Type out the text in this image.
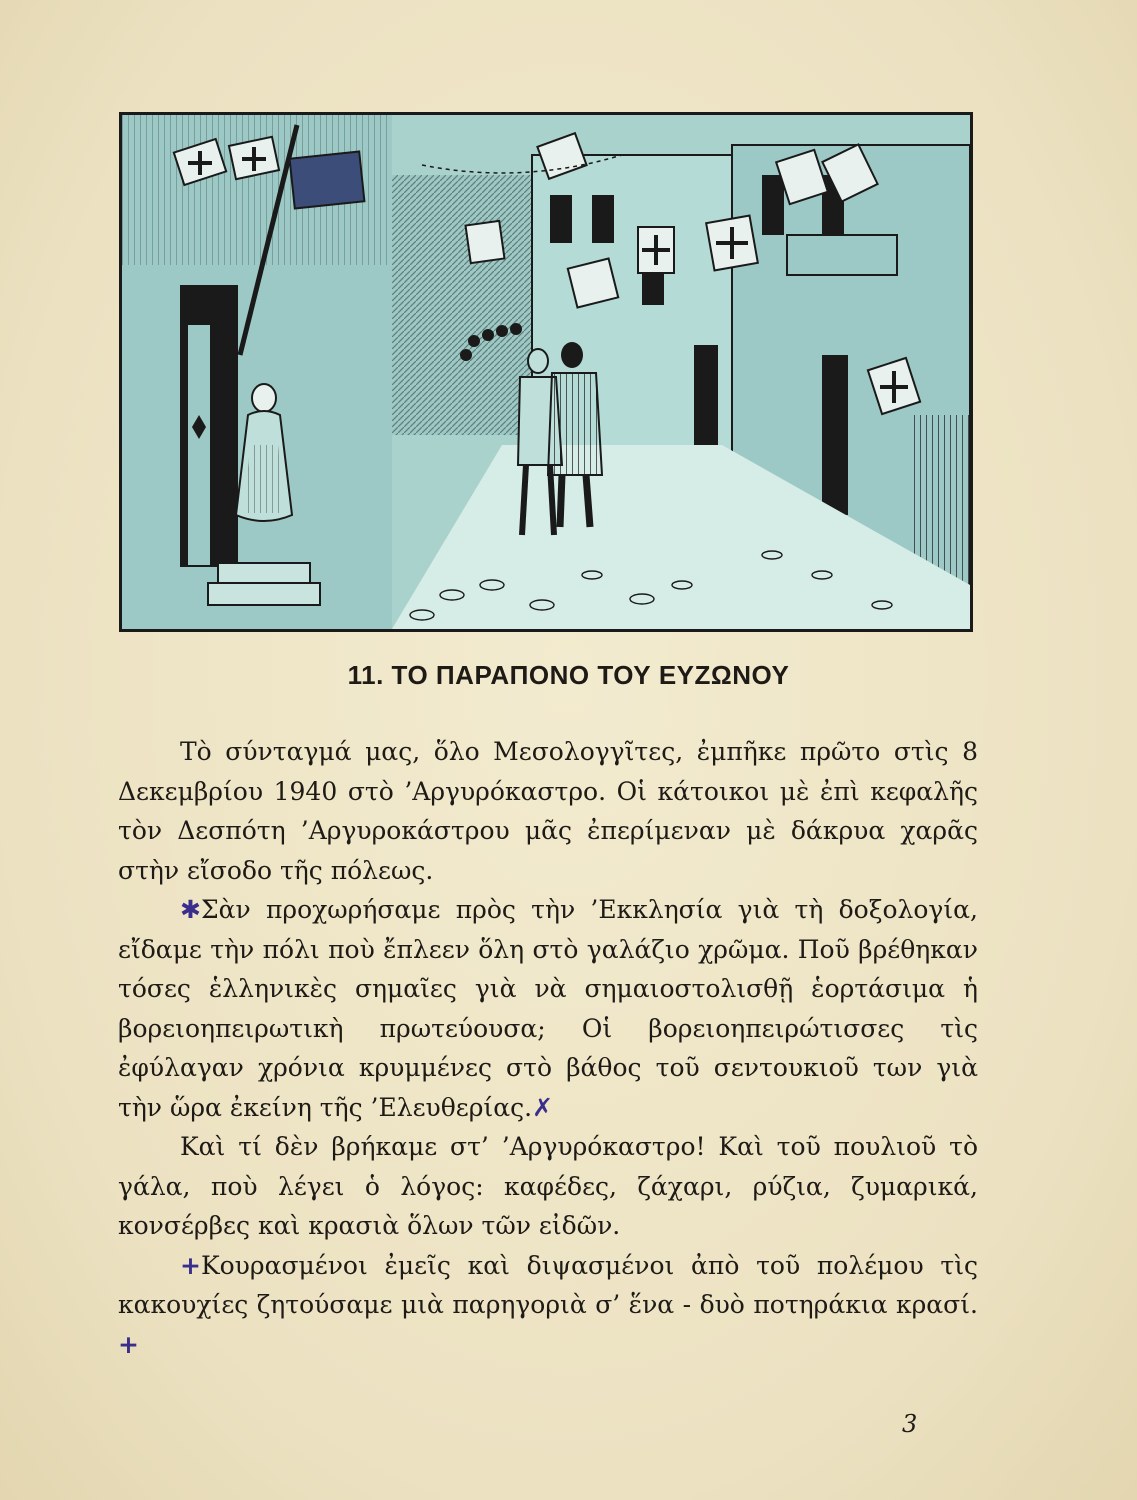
11. ΤΟ ΠΑΡΑΠΟΝΟ ΤΟΥ ΕΥΖΩΝΟΥ

Τὸ σύνταγμά μας, ὅλο Μεσολογγῖτες, ἐμπῆκε πρῶτο στὶς 8 Δεκεμβρίου 1940 στὸ ’Αργυρόκαστρο. Οἱ κάτοικοι μὲ ἐπὶ κεφαλῆς τὸν Δεσπότη ’Αργυροκάστρου μᾶς ἐπερίμεναν μὲ δάκρυα χαρᾶς στὴν εἴσοδο τῆς πόλεως.

✱Σὰν προχωρήσαμε πρὸς τὴν ’Εκκλησία γιὰ τὴ δοξολογία, εἴδαμε τὴν πόλι ποὺ ἔπλεεν ὅλη στὸ γαλάζιο χρῶμα. Ποῦ βρέθηκαν τόσες ἑλληνικὲς σημαῖες γιὰ νὰ σημαιοστολισθῇ ἑορτάσιμα ἡ βορειοηπειρωτικὴ πρωτεύουσα; Οἱ βορειοηπειρώτισσες τὶς ἐφύλαγαν χρόνια κρυμμένες στὸ βάθος τοῦ σεντουκιοῦ των γιὰ τὴν ὥρα ἐκείνη τῆς ’Ελευθερίας.✗

Καὶ τί δὲν βρήκαμε στ’ ’Αργυρόκαστρο! Καὶ τοῦ πουλιοῦ τὸ γάλα, ποὺ λέγει ὁ λόγος: καφέδες, ζάχαρι, ρύζια, ζυμαρικά, κονσέρβες καὶ κρασιὰ ὅλων τῶν εἰδῶν.

+Κουρασμένοι ἐμεῖς καὶ διψασμένοι ἀπὸ τοῦ πολέμου τὶς κακουχίες ζητούσαμε μιὰ παρηγοριὰ σ’ ἕνα - δυὸ ποτηράκια κρασί. +

3
